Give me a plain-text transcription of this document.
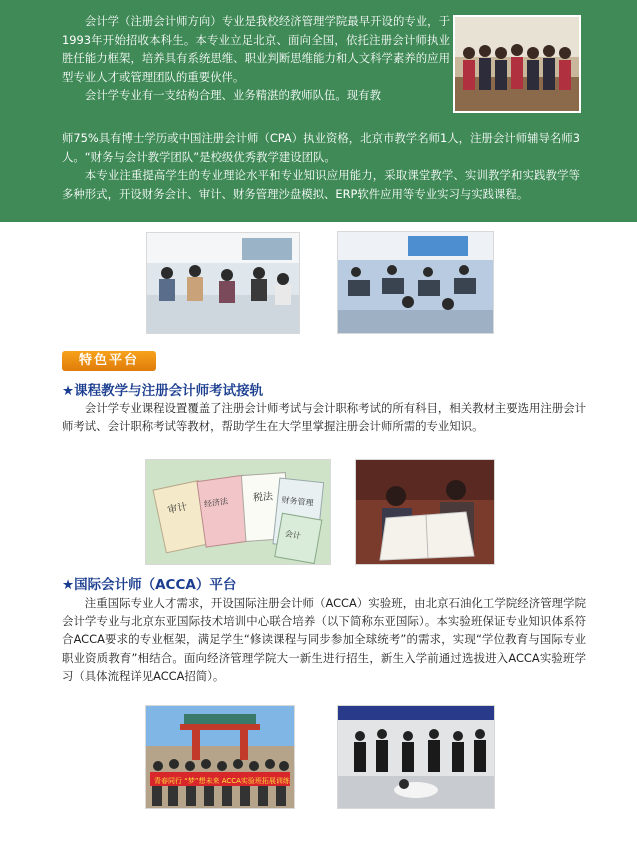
会计学（注册会计师方向）专业是我校经济管理学院最早开设的专业，于1993年开始招收本科生。本专业立足北京、面向全国，依托注册会计师执业胜任能力框架，培养具有系统思维、职业判断思维能力和人文科学素养的应用型专业人才或管理团队的重要伙伴。

会计学专业有一支结构合理、业务精湛的教师队伍。现有教

师75%具有博士学历或中国注册会计师（CPA）执业资格，北京市教学名师1人，注册会计师辅导名师3人。“财务与会计教学团队”是校级优秀教学建设团队。

本专业注重提高学生的专业理论水平和专业知识应用能力，采取课堂教学、实训教学和实践教学等多种形式，开设财务会计、审计、财务管理沙盘模拟、ERP软件应用等专业实习与实践课程。

特色平台
★课程教学与注册会计师考试接轨

会计学专业课程设置覆盖了注册会计师考试与会计职称考试的所有科目，相关教材主要选用注册会计师考试、会计职称考试等教材，帮助学生在大学里掌握注册会计师所需的专业知识。

审计 经济法 税法 财务管理
会计
★国际会计师（ACCA）平台

注重国际专业人才需求，开设国际注册会计师（ACCA）实验班，由北京石油化工学院经济管理学院会计学专业与北京东亚国际技术培训中心联合培养（以下简称东亚国际）。本实验班保证专业知识体系符合ACCA要求的专业框架，满足学生“修读课程与同步参加全球统考”的需求，实现“学位教育与国际专业职业资质教育”相结合。面向经济管理学院大一新生进行招生，新生入学前通过选拔进入ACCA实验班学习（具体流程详见ACCA招简）。

青春同行 “梦”想未来 ACCA实验班拓展训练
